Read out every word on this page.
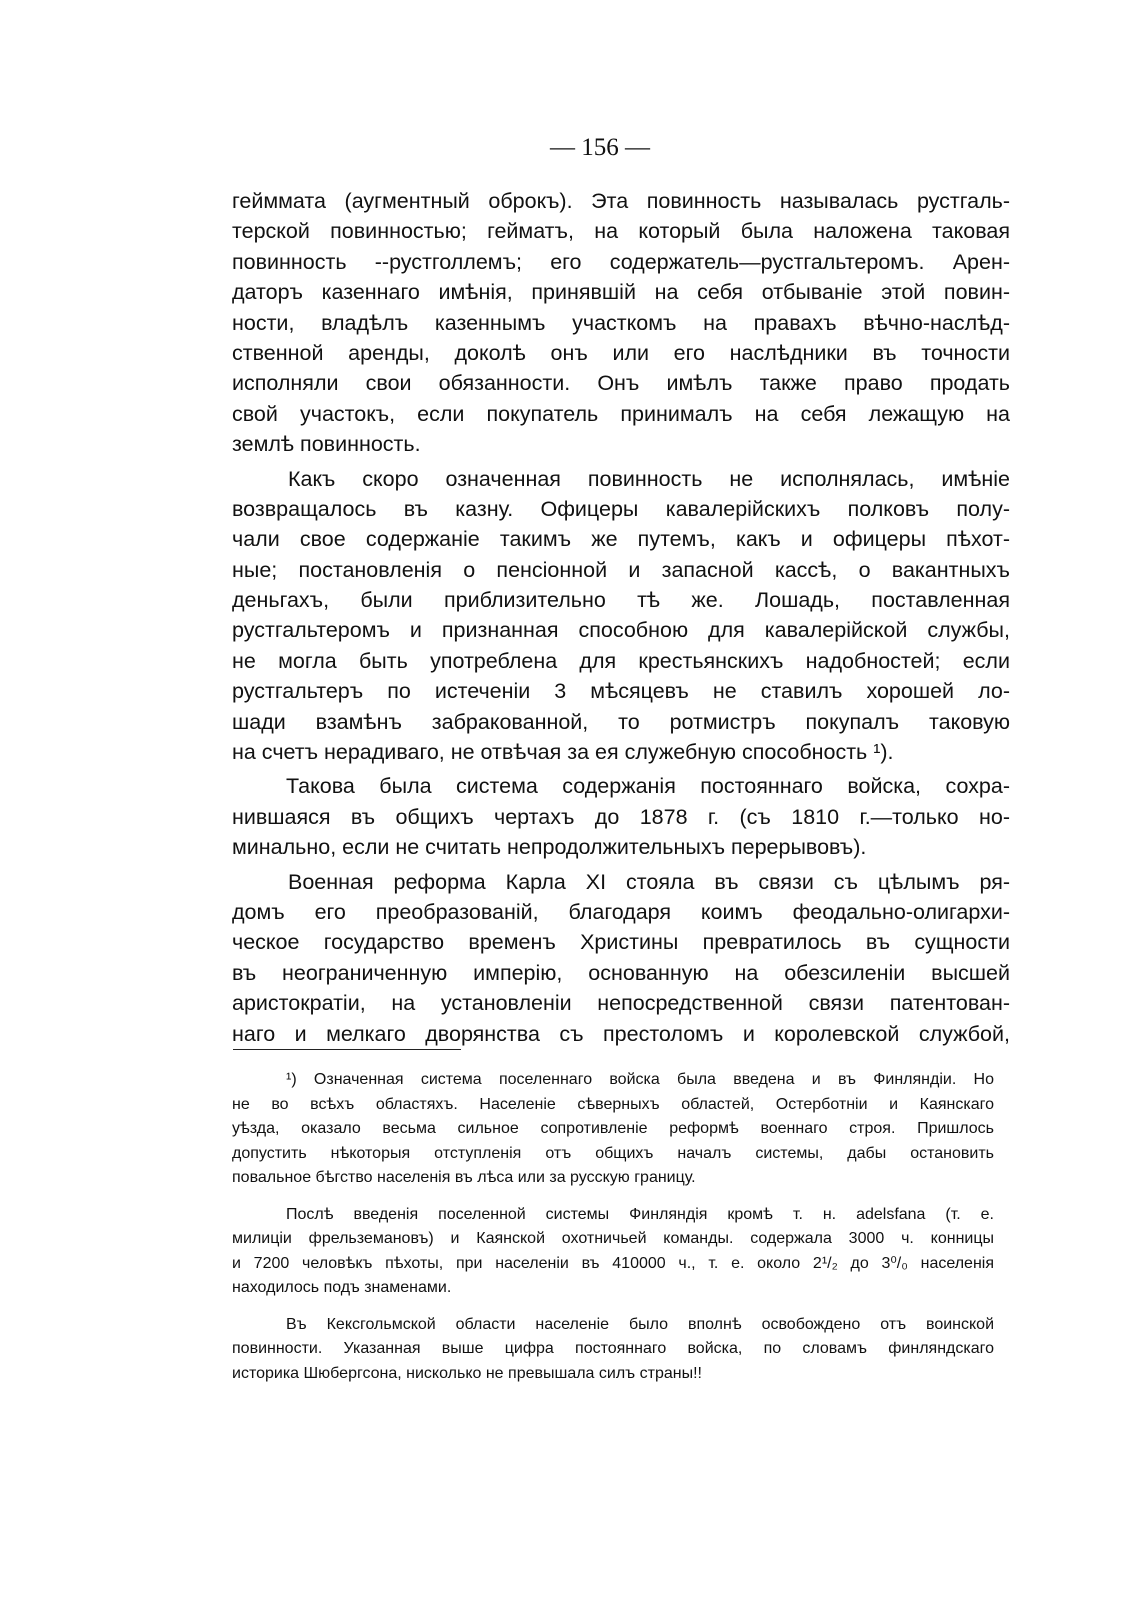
— 156 —
гейммата (аугментный оброкъ). Эта повинность называлась рустгаль-
терской повинностью; гейматъ, на который была наложена таковая
повинность --рустголлемъ; его содержатель—рустгальтеромъ. Арен-
даторъ казеннаго имѣнія, принявшій на себя отбываніе этой повин-
ности, владѣлъ казеннымъ участкомъ на правахъ вѣчно-наслѣд-
ственной аренды, доколѣ онъ или его наслѣдники въ точности
исполняли свои обязанности. Онъ имѣлъ также право продать
свой участокъ, если покупатель принималъ на себя лежащую на
землѣ повинность.
Какъ скоро означенная повинность не исполнялась, имѣніе
возвращалось въ казну. Офицеры кавалерійскихъ полковъ полу-
чали свое содержаніе такимъ же путемъ, какъ и офицеры пѣхот-
ные; постановленія о пенсіонной и запасной кассѣ, о вакантныхъ
деньгахъ, были приблизительно тѣ же. Лошадь, поставленная
рустгальтеромъ и признанная способною для кавалерійской службы,
не могла быть употреблена для крестьянскихъ надобностей; если
рустгальтеръ по истеченіи 3 мѣсяцевъ не ставилъ хорошей ло-
шади взамѣнъ забракованной, то ротмистръ покупалъ таковую
на счетъ нерадиваго, не отвѣчая за ея служебную способность ¹).
Такова была система содержанія постояннаго войска, сохра-
нившаяся въ общихъ чертахъ до 1878 г. (съ 1810 г.—только но-
минально, если не считать непродолжительныхъ перерывовъ).
Военная реформа Карла XI стояла въ связи съ цѣлымъ ря-
домъ его преобразованій, благодаря коимъ феодально-олигархи-
ческое государство временъ Христины превратилось въ сущности
въ неограниченную имперію, основанную на обезсиленіи высшей
аристократіи, на установленіи непосредственной связи патентован-
наго и мелкаго дворянства съ престоломъ и королевской службой,
¹) Означенная система поселеннаго войска была введена и въ Финляндіи. Но
не во всѣхъ областяхъ. Населеніе сѣверныхъ областей, Остерботніи и Каянскаго
уѣзда, оказало весьма сильное сопротивленіе реформѣ военнаго строя. Пришлось
допустить нѣкоторыя отступленія отъ общихъ началъ системы, дабы остановить
повальное бѣгство населенія въ лѣса или за русскую границу.
Послѣ введенія поселенной системы Финляндія кромѣ т. н. adelsfana (т. е.
милиціи фрельземановъ) и Каянской охотничьей команды. содержала 3000 ч. конницы
и 7200 человѣкъ пѣхоты, при населеніи въ 410000 ч., т. е. около 2¹/₂ до 3⁰/₀ населенія
находилось подъ знаменами.
Въ Кексгольмской области населеніе было вполнѣ освобождено отъ воинской
повинности. Указанная выше цифра постояннаго войска, по словамъ финляндскаго
историка Шюбергсона, нисколько не превышала силъ страны!!
